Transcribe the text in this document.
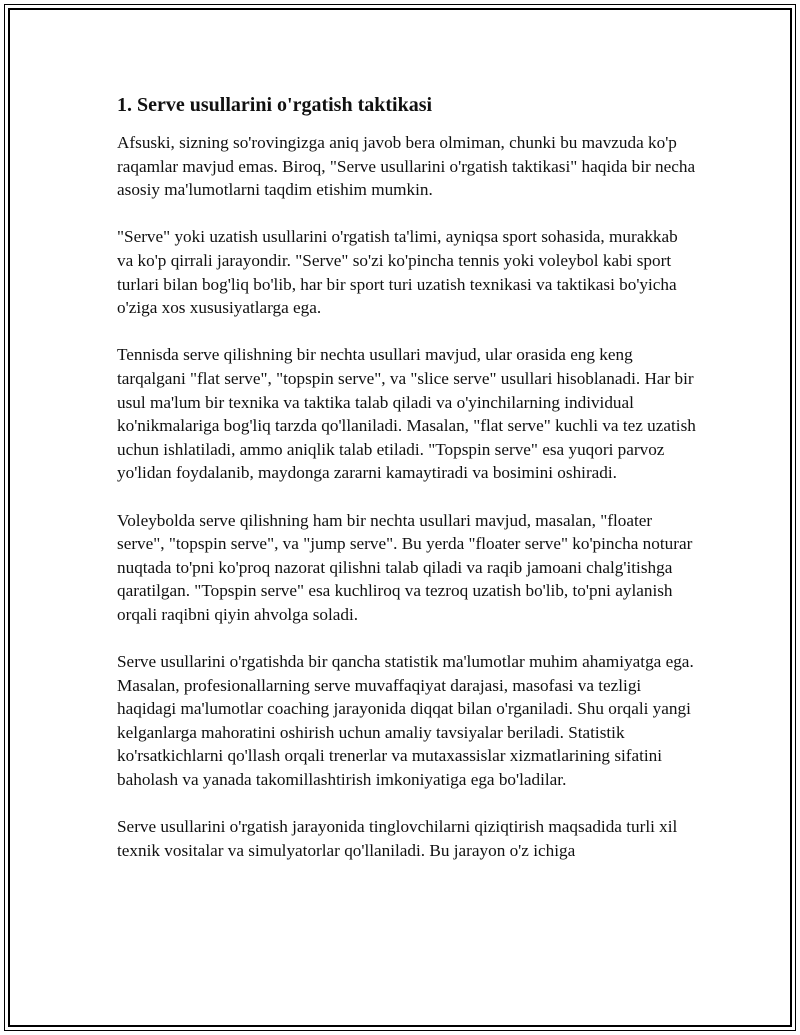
1. Serve usullarini o'rgatish taktikasi

Afsuski, sizning so'rovingizga aniq javob bera olmiman, chunki bu mavzuda ko'p raqamlar mavjud emas. Biroq, "Serve usullarini o'rgatish taktikasi" haqida bir necha asosiy ma'lumotlarni taqdim etishim mumkin.

"Serve" yoki uzatish usullarini o'rgatish ta'limi, ayniqsa sport sohasida, murakkab va ko'p qirrali jarayondir. "Serve" so'zi ko'pincha tennis yoki voleybol kabi sport turlari bilan bog'liq bo'lib, har bir sport turi uzatish texnikasi va taktikasi bo'yicha o'ziga xos xususiyatlarga ega.

Tennisda serve qilishning bir nechta usullari mavjud, ular orasida eng keng tarqalgani "flat serve", "topspin serve", va "slice serve" usullari hisoblanadi. Har bir usul ma'lum bir texnika va taktika talab qiladi va o'yinchilarning individual ko'nikmalariga bog'liq tarzda qo'llaniladi. Masalan, "flat serve" kuchli va tez uzatish uchun ishlatiladi, ammo aniqlik talab etiladi. "Topspin serve" esa yuqori parvoz yo'lidan foydalanib, maydonga zararni kamaytiradi va bosimini oshiradi.

Voleybolda serve qilishning ham bir nechta usullari mavjud, masalan, "floater serve", "topspin serve", va "jump serve". Bu yerda "floater serve" ko'pincha noturar nuqtada to'pni ko'proq nazorat qilishni talab qiladi va raqib jamoani chalg'itishga qaratilgan. "Topspin serve" esa kuchliroq va tezroq uzatish bo'lib, to'pni aylanish orqali raqibni qiyin ahvolga soladi.

Serve usullarini o'rgatishda bir qancha statistik ma'lumotlar muhim ahamiyatga ega. Masalan, profesionallarning serve muvaffaqiyat darajasi, masofasi va tezligi haqidagi ma'lumotlar coaching jarayonida diqqat bilan o'rganiladi. Shu orqali yangi kelganlarga mahoratini oshirish uchun amaliy tavsiyalar beriladi. Statistik ko'rsatkichlarni qo'llash orqali trenerlar va mutaxassislar xizmatlarining sifatini baholash va yanada takomillashtirish imkoniyatiga ega bo'ladilar.

Serve usullarini o'rgatish jarayonida tinglovchilarni qiziqtirish maqsadida turli xil texnik vositalar va simulyatorlar qo'llaniladi. Bu jarayon o'z ichiga
